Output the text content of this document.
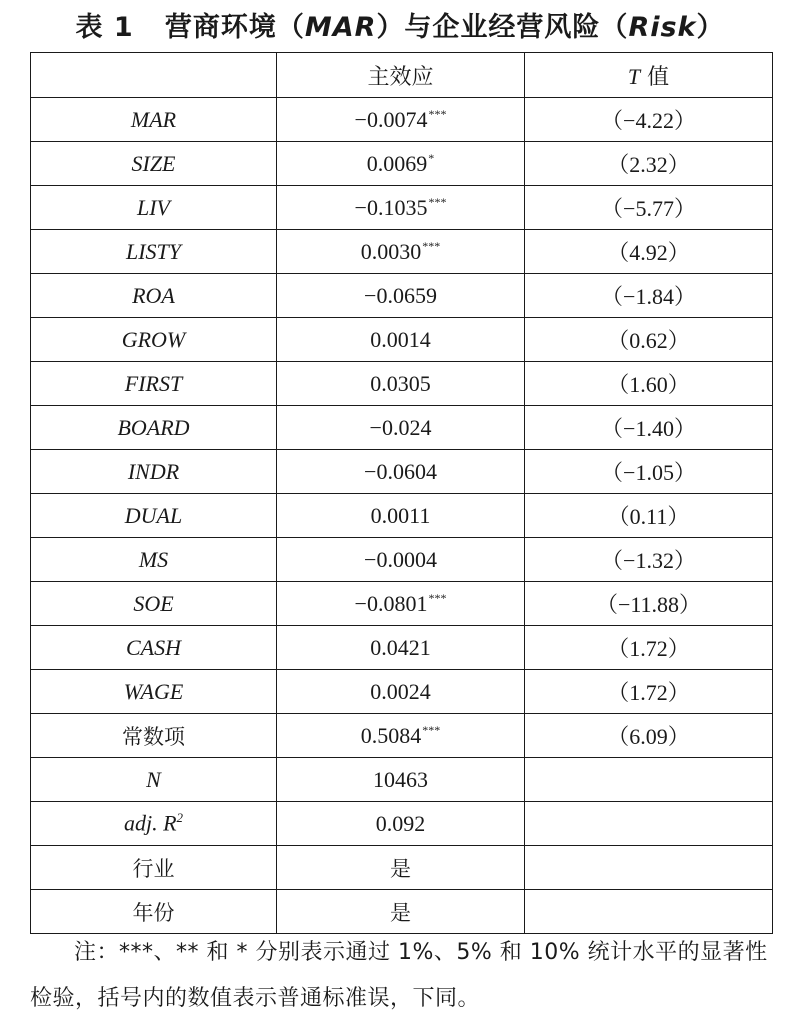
表 1 营商环境（MAR）与企业经营风险（Risk）
	主效应	T 值
MAR	−0.0074***	（−4.22）
SIZE	0.0069*	（2.32）
LIV	−0.1035***	（−5.77）
LISTY	0.0030***	（4.92）
ROA	−0.0659	（−1.84）
GROW	0.0014	（0.62）
FIRST	0.0305	（1.60）
BOARD	−0.024	（−1.40）
INDR	−0.0604	（−1.05）
DUAL	0.0011	（0.11）
MS	−0.0004	（−1.32）
SOE	−0.0801***	（−11.88）
CASH	0.0421	（1.72）
WAGE	0.0024	（1.72）
常数项	0.5084***	（6.09）
N	10463	
adj. $R^2$	0.092	
行业	是	
年份	是	
注：***、** 和 * 分别表示通过 1%、5% 和 10% 统计水平的显著性检验，括号内的数值表示普通标准误，下同。
